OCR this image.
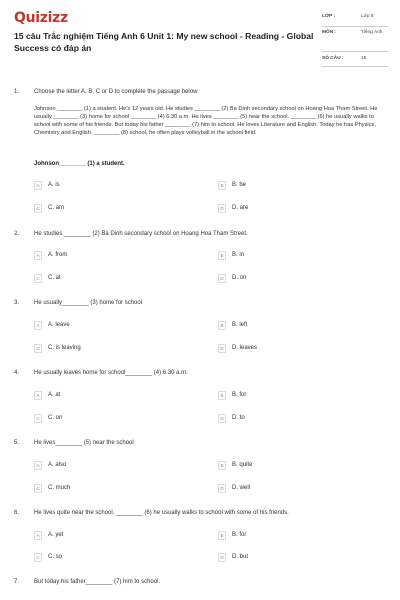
Quizizz
15 câu Trắc nghiệm Tiếng Anh 6 Unit 1: My new school - Reading - Global Success có đáp án
LỚP :	Lớp 6
MÔN :	Tiếng Anh
SỐ CÂU :	15
1. Choose the letter A, B, C or D to complete the passage below
Johnson ________ (1) a student. He's 12 years old. He studies ________ (2) Ba Dinh secondary school on Hoang Hoa Tham Street. He usually ________ (3) home for school ________ (4) 6.30 a.m. He lives ________ (5) near the school. ________ (6) he usually walks to school with some of his friends. But today his father ________ (7) him to school. He loves Literature and English. Today he has Physics, Chemistry and English. ________ (8) school, he often plays volleyball in the school field.
Johnson________ (1) a student.
A	A. is	B	B. be
C	C. am	D	D. are
2. He studies ________ (2) Ba Dinh secondary school on Hoang Hoa Tham Street.
A	A. from	B	B. in
C	C. at	D	D. on
3. He usually________ (3) home for school
A	A. leave	B	B. left
C	C. is leaving	D	D. leaves
4. He usually leaves home for school________ (4) 6.30 a.m.
A	A. at	B	B. for
C	C. on	D	D. to
5. He lives________ (5) near the school
A	A. also	B	B. quite
C	C. much	D	D. well
6. He lives quite near the school, ________ (6) he usually walks to school with some of his friends.
A	A. yet	B	B. for
C	C. so	D	D. but
7. But today his father________ (7) him to school.
